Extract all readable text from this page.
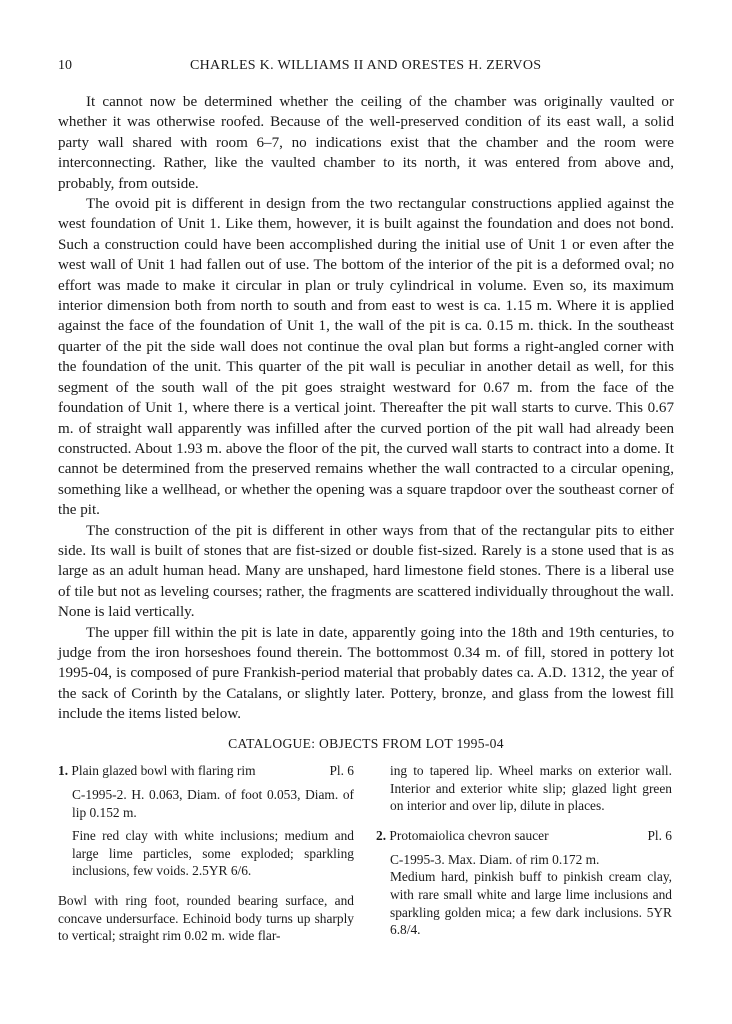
10	CHARLES K. WILLIAMS II AND ORESTES H. ZERVOS

It cannot now be determined whether the ceiling of the chamber was originally vaulted or whether it was otherwise roofed. Because of the well-preserved condition of its east wall, a solid party wall shared with room 6–7, no indications exist that the chamber and the room were interconnecting. Rather, like the vaulted chamber to its north, it was entered from above and, probably, from outside.

The ovoid pit is different in design from the two rectangular constructions applied against the west foundation of Unit 1. Like them, however, it is built against the foundation and does not bond. Such a construction could have been accomplished during the initial use of Unit 1 or even after the west wall of Unit 1 had fallen out of use. The bottom of the interior of the pit is a deformed oval; no effort was made to make it circular in plan or truly cylindrical in volume. Even so, its maximum interior dimension both from north to south and from east to west is ca. 1.15 m. Where it is applied against the face of the foundation of Unit 1, the wall of the pit is ca. 0.15 m. thick. In the southeast quarter of the pit the side wall does not continue the oval plan but forms a right-angled corner with the foundation of the unit. This quarter of the pit wall is peculiar in another detail as well, for this segment of the south wall of the pit goes straight westward for 0.67 m. from the face of the foundation of Unit 1, where there is a vertical joint. Thereafter the pit wall starts to curve. This 0.67 m. of straight wall apparently was infilled after the curved portion of the pit wall had already been constructed. About 1.93 m. above the floor of the pit, the curved wall starts to contract into a dome. It cannot be determined from the preserved remains whether the wall contracted to a circular opening, something like a wellhead, or whether the opening was a square trapdoor over the southeast corner of the pit.

The construction of the pit is different in other ways from that of the rectangular pits to either side. Its wall is built of stones that are fist-sized or double fist-sized. Rarely is a stone used that is as large as an adult human head. Many are unshaped, hard limestone field stones. There is a liberal use of tile but not as leveling courses; rather, the fragments are scattered individually throughout the wall. None is laid vertically.

The upper fill within the pit is late in date, apparently going into the 18th and 19th centuries, to judge from the iron horseshoes found therein. The bottommost 0.34 m. of fill, stored in pottery lot 1995-04, is composed of pure Frankish-period material that probably dates ca. A.D. 1312, the year of the sack of Corinth by the Catalans, or slightly later. Pottery, bronze, and glass from the lowest fill include the items listed below.

CATALOGUE: OBJECTS FROM LOT 1995-04
1. Plain glazed bowl with flaring rim	Pl. 6

C-1995-2. H. 0.063, Diam. of foot 0.053, Diam. of lip 0.152 m.

Fine red clay with white inclusions; medium and large lime particles, some exploded; sparkling inclusions, few voids. 2.5YR 6/6.

Bowl with ring foot, rounded bearing surface, and concave undersurface. Echinoid body turns up sharply to vertical; straight rim 0.02 m. wide flar-

ing to tapered lip. Wheel marks on exterior wall. Interior and exterior white slip; glazed light green on interior and over lip, dilute in places.

2. Protomaiolica chevron saucer	Pl. 6

C-1995-3. Max. Diam. of rim 0.172 m.

Medium hard, pinkish buff to pinkish cream clay, with rare small white and large lime inclusions and sparkling golden mica; a few dark inclusions. 5YR 6.8/4.
